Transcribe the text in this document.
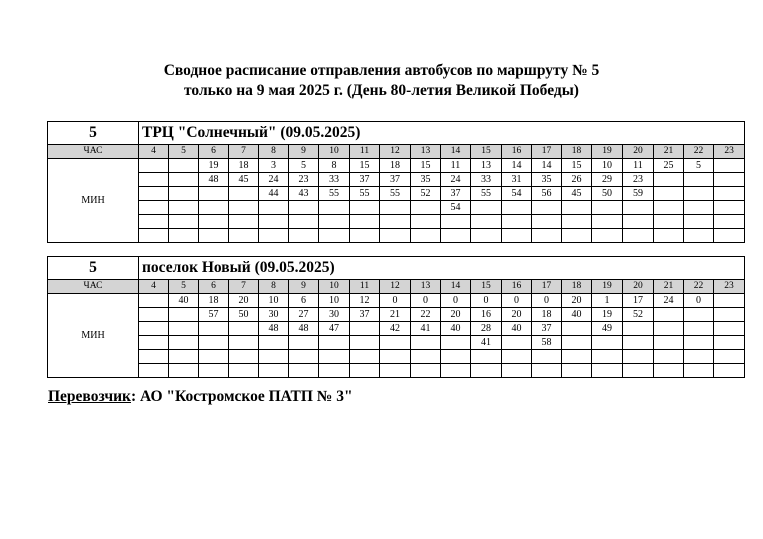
Сводное расписание отправления автобусов по маршруту № 5
только на 9 мая 2025 г. (День 80-летия Великой Победы)
5	ТРЦ "Солнечный" (09.05.2025)																			
ЧАС	4	5	6	7	8	9	10	11	12	13	14	15	16	17	18	19	20	21	22	23
МИН			19	18	3	5	8	15	18	15	11	13	14	14	15	10	11	25	5	
			48	45	24	23	33	37	37	35	24	33	31	35	26	29	23			
					44	43	55	55	55	52	37	55	54	56	45	50	59			
											54									

5	поселок Новый (09.05.2025)																			
ЧАС	4	5	6	7	8	9	10	11	12	13	14	15	16	17	18	19	20	21	22	23
МИН		40	18	20	10	6	10	12	0	0	0	0	0	0	20	1	17	24	0	
			57	50	30	27	30	37	21	22	20	16	20	18	40	19	52			
					48	48	47		42	41	40	28	40	37		49				
												41		58						

Перевозчик: АО "Костромское ПАТП № 3"
